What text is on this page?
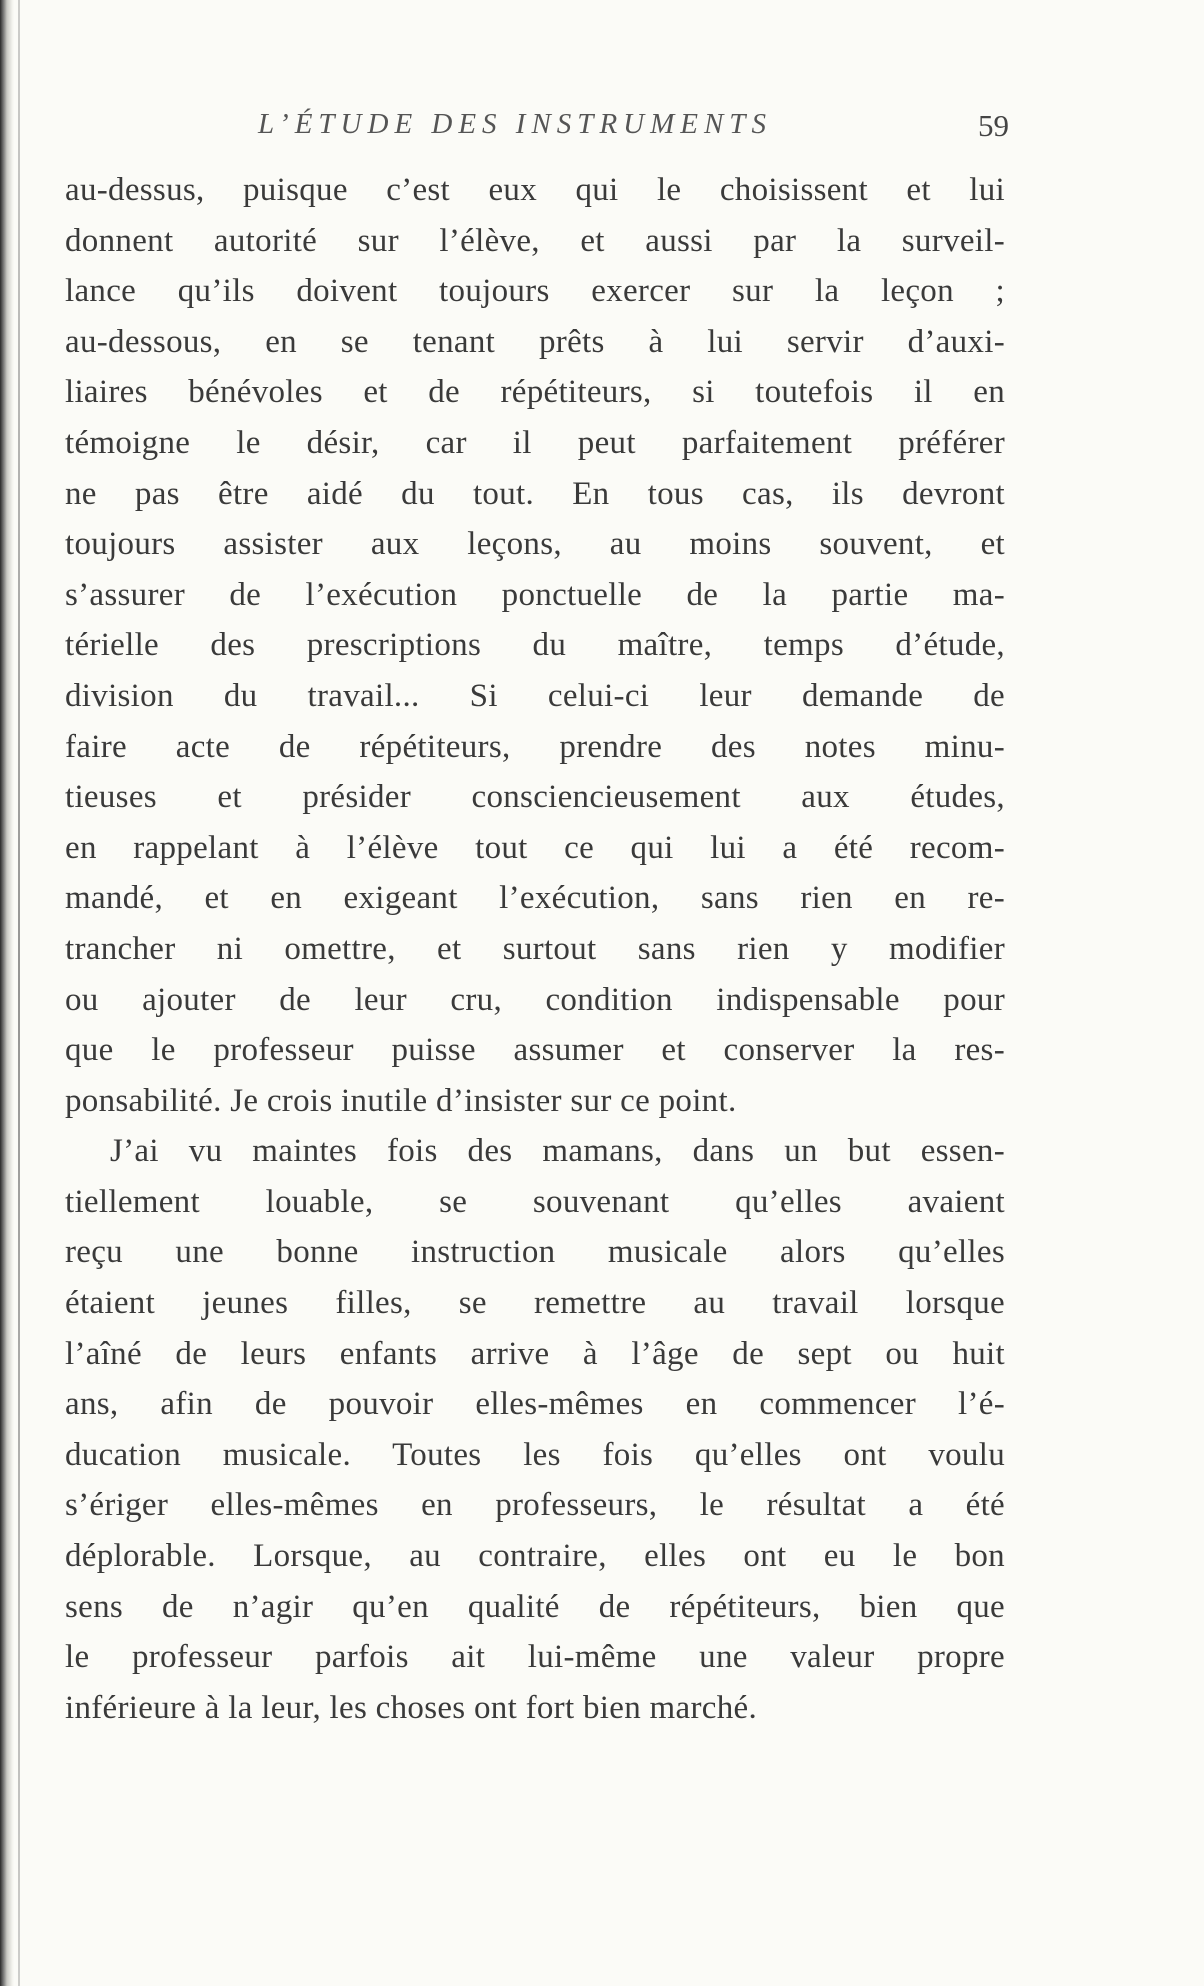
L’ÉTUDE DES INSTRUMENTS	59
au-dessus, puisque c’est eux qui le choisissent et lui
donnent autorité sur l’élève, et aussi par la surveil-
lance qu’ils doivent toujours exercer sur la leçon ;
au-dessous, en se tenant prêts à lui servir d’auxi-
liaires bénévoles et de répétiteurs, si toutefois il en
témoigne le désir, car il peut parfaitement préférer
ne pas être aidé du tout. En tous cas, ils devront
toujours assister aux leçons, au moins souvent, et
s’assurer de l’exécution ponctuelle de la partie ma-
térielle des prescriptions du maître, temps d’étude,
division du travail... Si celui-ci leur demande de
faire acte de répétiteurs, prendre des notes minu-
tieuses et présider consciencieusement aux études,
en rappelant à l’élève tout ce qui lui a été recom-
mandé, et en exigeant l’exécution, sans rien en re-
trancher ni omettre, et surtout sans rien y modifier
ou ajouter de leur cru, condition indispensable pour
que le professeur puisse assumer et conserver la res-
ponsabilité. Je crois inutile d’insister sur ce point.
J’ai vu maintes fois des mamans, dans un but essen-
tiellement louable, se souvenant qu’elles avaient
reçu une bonne instruction musicale alors qu’elles
étaient jeunes filles, se remettre au travail lorsque
l’aîné de leurs enfants arrive à l’âge de sept ou huit
ans, afin de pouvoir elles-mêmes en commencer l’é-
ducation musicale. Toutes les fois qu’elles ont voulu
s’ériger elles-mêmes en professeurs, le résultat a été
déplorable. Lorsque, au contraire, elles ont eu le bon
sens de n’agir qu’en qualité de répétiteurs, bien que
le professeur parfois ait lui-même une valeur propre
inférieure à la leur, les choses ont fort bien marché.
